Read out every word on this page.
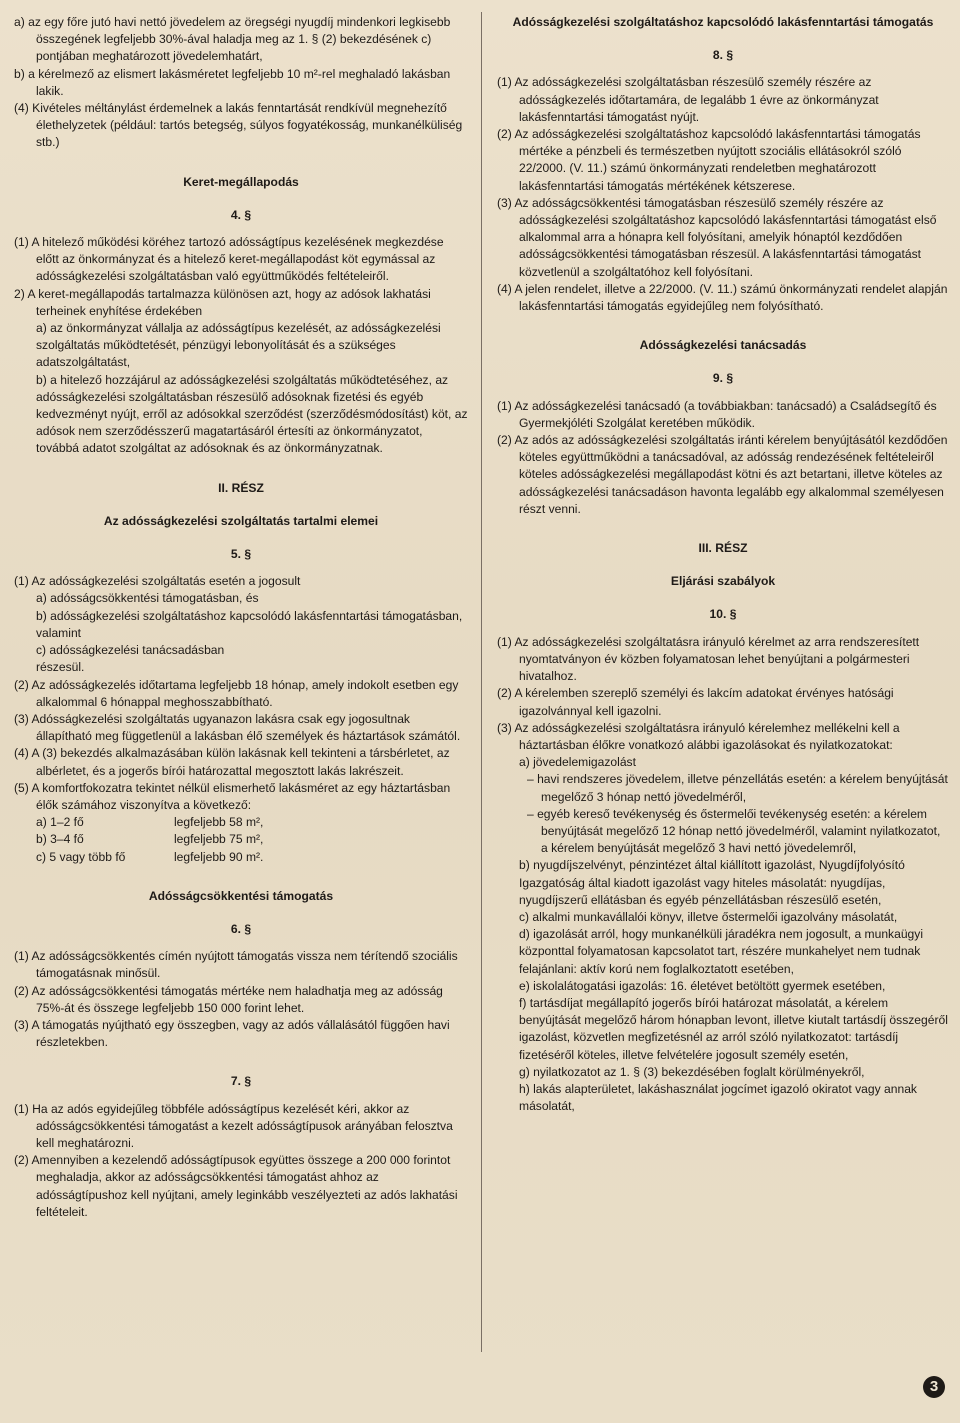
a) az egy főre jutó havi nettó jövedelem az öregségi nyugdíj mindenkori legkisebb összegének legfeljebb 30%-ával haladja meg az 1. § (2) bekezdésének c) pontjában meghatározott jövedelemhatárt,

b) a kérelmező az elismert lakásméretet legfeljebb 10 m²-rel meghaladó lakásban lakik.

(4) Kivételes méltánylást érdemelnek a lakás fenntartását rendkívül megnehezítő élethelyzetek (például: tartós betegség, súlyos fogyatékosság, munkanélküliség stb.)

Keret-megállapodás

4. §

(1) A hitelező működési köréhez tartozó adósságtípus kezelésének megkezdése előtt az önkormányzat és a hitelező keret-megállapodást köt egymással az adósságkezelési szolgáltatásban való együttműködés feltételeiről.

2) A keret-megállapodás tartalmazza különösen azt, hogy az adósok lakhatási terheinek enyhítése érdekében

a) az önkormányzat vállalja az adósságtípus kezelését, az adósságkezelési szolgáltatás működtetését, pénzügyi lebonyolítását és a szükséges adatszolgáltatást,

b) a hitelező hozzájárul az adósságkezelési szolgáltatás működtetéséhez, az adósságkezelési szolgáltatásban részesülő adósoknak fizetési és egyéb kedvezményt nyújt, erről az adósokkal szerződést (szerződésmódosítást) köt, az adósok nem szerződésszerű magatartásáról értesíti az önkormányzatot, továbbá adatot szolgáltat az adósoknak és az önkormányzatnak.

II. RÉSZ

Az adósságkezelési szolgáltatás tartalmi elemei

5. §

(1) Az adósságkezelési szolgáltatás esetén a jogosult

a) adósságcsökkentési támogatásban, és

b) adósságkezelési szolgáltatáshoz kapcsolódó lakásfenntartási támogatásban, valamint

c) adósságkezelési tanácsadásban

részesül.

(2) Az adósságkezelés időtartama legfeljebb 18 hónap, amely indokolt esetben egy alkalommal 6 hónappal meghosszabbítható.

(3) Adósságkezelési szolgáltatás ugyanazon lakásra csak egy jogosultnak állapítható meg függetlenül a lakásban élő személyek és háztartások számától.

(4) A (3) bekezdés alkalmazásában külön lakásnak kell tekinteni a társbérletet, az albérletet, és a jogerős bírói határozattal megosztott lakás lakrészeit.

(5) A komfortfokozatra tekintet nélkül elismerhető lakásméret az egy háztartásban élők számához viszonyítva a következő:

a) 1–2 fő	legfeljebb 58 m²,
b) 3–4 fő	legfeljebb 75 m²,
c) 5 vagy több fő	legfeljebb 90 m².

Adósságcsökkentési támogatás

6. §

(1) Az adósságcsökkentés címén nyújtott támogatás vissza nem térítendő szociális támogatásnak minősül.

(2) Az adósságcsökkentési támogatás mértéke nem haladhatja meg az adósság 75%-át és összege legfeljebb 150 000 forint lehet.

(3) A támogatás nyújtható egy összegben, vagy az adós vállalásától függően havi részletekben.

7. §

(1) Ha az adós egyidejűleg többféle adósságtípus kezelését kéri, akkor az adósságcsökkentési támogatást a kezelt adósságtípusok arányában felosztva kell meghatározni.

(2) Amennyiben a kezelendő adósságtípusok együttes összege a 200 000 forintot meghaladja, akkor az adósságcsökkentési támogatást ahhoz az adósságtípushoz kell nyújtani, amely leginkább veszélyezteti az adós lakhatási feltételeit.

Adósságkezelési szolgáltatáshoz kapcsolódó lakásfenntartási támogatás

8. §

(1) Az adósságkezelési szolgáltatásban részesülő személy részére az adósságkezelés időtartamára, de legalább 1 évre az önkormányzat lakásfenntartási támogatást nyújt.

(2) Az adósságkezelési szolgáltatáshoz kapcsolódó lakásfenntartási támogatás mértéke a pénzbeli és természetben nyújtott szociális ellátásokról szóló 22/2000. (V. 11.) számú önkormányzati rendeletben meghatározott lakásfenntartási támogatás mértékének kétszerese.

(3) Az adósságcsökkentési támogatásban részesülő személy részére az adósságkezelési szolgáltatáshoz kapcsolódó lakásfenntartási támogatást első alkalommal arra a hónapra kell folyósítani, amelyik hónaptól kezdődően adósságcsökkentési támogatásban részesül. A lakásfenntartási támogatást közvetlenül a szolgáltatóhoz kell folyósítani.

(4) A jelen rendelet, illetve a 22/2000. (V. 11.) számú önkormányzati rendelet alapján lakásfenntartási támogatás egyidejűleg nem folyósítható.

Adósságkezelési tanácsadás

9. §

(1) Az adósságkezelési tanácsadó (a továbbiakban: tanácsadó) a Családsegítő és Gyermekjóléti Szolgálat keretében működik.

(2) Az adós az adósságkezelési szolgáltatás iránti kérelem benyújtásától kezdődően köteles együttműködni a tanácsadóval, az adósság rendezésének feltételeiről köteles adósságkezelési megállapodást kötni és azt betartani, illetve köteles az adósságkezelési tanácsadáson havonta legalább egy alkalommal személyesen részt venni.

III. RÉSZ

Eljárási szabályok

10. §

(1) Az adósságkezelési szolgáltatásra irányuló kérelmet az arra rendszeresített nyomtatványon év közben folyamatosan lehet benyújtani a polgármesteri hivatalhoz.

(2) A kérelemben szereplő személyi és lakcím adatokat érvényes hatósági igazolvánnyal kell igazolni.

(3) Az adósságkezelési szolgáltatásra irányuló kérelemhez mellékelni kell a háztartásban élőkre vonatkozó alábbi igazolásokat és nyilatkozatokat:

a) jövedelemigazolást

– havi rendszeres jövedelem, illetve pénzellátás esetén: a kérelem benyújtását megelőző 3 hónap nettó jövedelméről,

– egyéb kereső tevékenység és őstermelői tevékenység esetén: a kérelem benyújtását megelőző 12 hónap nettó jövedelméről, valamint nyilatkozatot, a kérelem benyújtását megelőző 3 havi nettó jövedelemről,

b) nyugdíjszelvényt, pénzintézet által kiállított igazolást, Nyugdíjfolyósító Igazgatóság által kiadott igazolást vagy hiteles másolatát: nyugdíjas, nyugdíjszerű ellátásban és egyéb pénzellátásban részesülő esetén,

c) alkalmi munkavállalói könyv, illetve őstermelői igazolvány másolatát,

d) igazolását arról, hogy munkanélküli járadékra nem jogosult, a munkaügyi központtal folyamatosan kapcsolatot tart, részére munkahelyet nem tudnak felajánlani: aktív korú nem foglalkoztatott esetében,

e) iskolalátogatási igazolás: 16. életévet betöltött gyermek esetében,

f) tartásdíjat megállapító jogerős bírói határozat másolatát, a kérelem benyújtását megelőző három hónapban levont, illetve kiutalt tartásdíj összegéről igazolást, közvetlen megfizetésnél az arról szóló nyilatkozatot: tartásdíj fizetéséről köteles, illetve felvételére jogosult személy esetén,

g) nyilatkozatot az 1. § (3) bekezdésében foglalt körülményekről,

h) lakás alapterületet, lakáshasználat jogcímet igazoló okiratot vagy annak másolatát,

3
